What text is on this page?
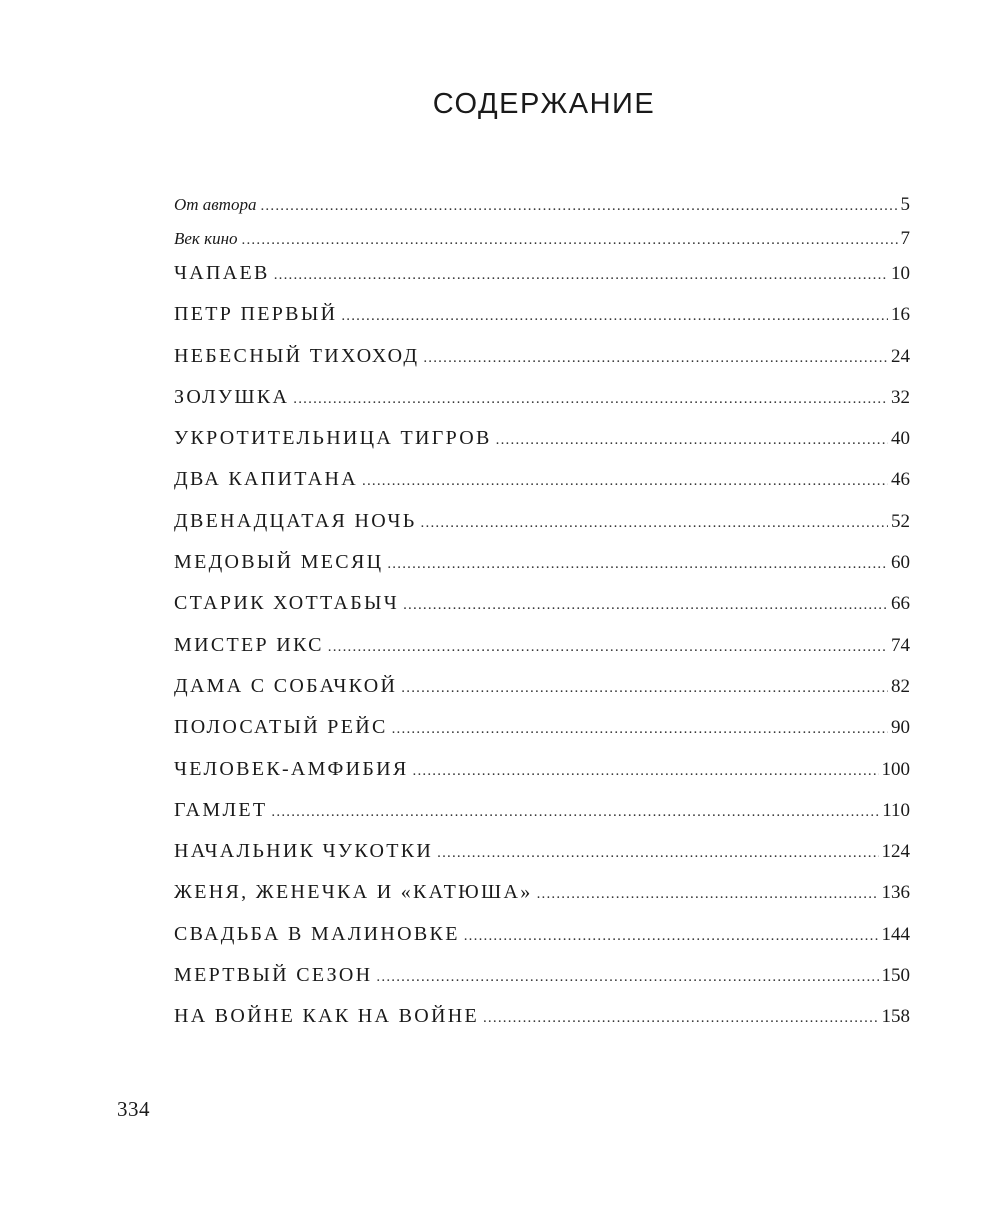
СОДЕРЖАНИЕ
От автора .....	5
Век кино .....	7
ЧАПАЕВ .....	10
ПЕТР ПЕРВЫЙ .....	16
НЕБЕСНЫЙ ТИХОХОД .....	24
ЗОЛУШКА .....	32
УКРОТИТЕЛЬНИЦА ТИГРОВ .....	40
ДВА КАПИТАНА .....	46
ДВЕНАДЦАТАЯ НОЧЬ .....	52
МЕДОВЫЙ МЕСЯЦ .....	60
СТАРИК ХОТТАБЫЧ .....	66
МИСТЕР ИКС .....	74
ДАМА С СОБАЧКОЙ .....	82
ПОЛОСАТЫЙ РЕЙС .....	90
ЧЕЛОВЕК-АМФИБИЯ .....	100
ГАМЛЕТ .....	110
НАЧАЛЬНИК ЧУКОТКИ .....	124
ЖЕНЯ, ЖЕНЕЧКА И «КАТЮША» .....	136
СВАДЬБА В МАЛИНОВКЕ .....	144
МЕРТВЫЙ СЕЗОН .....	150
НА ВОЙНЕ КАК НА ВОЙНЕ .....	158
334
